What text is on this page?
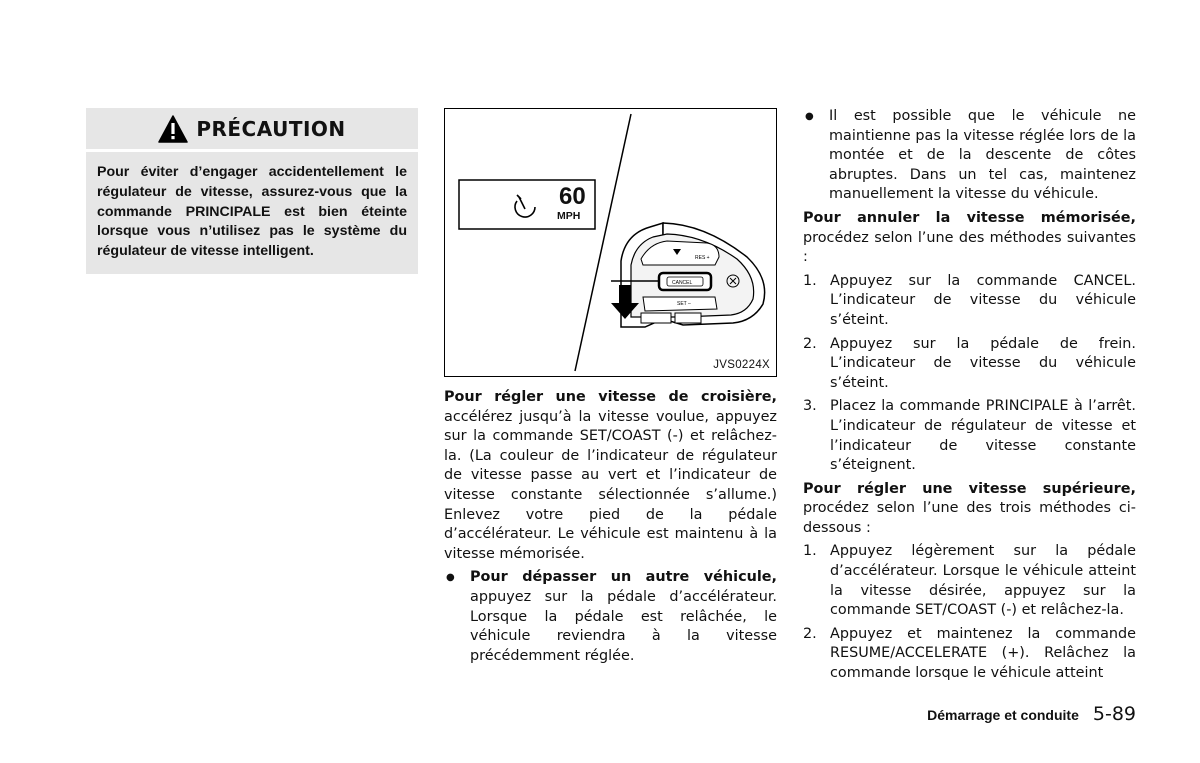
PRÉCAUTION
Pour éviter d’engager accidentellement le régulateur de vitesse, assurez-vous que la commande PRINCIPALE est bien éteinte lorsque vous n’utilisez pas le système du régulateur de vitesse intelligent.	RES +
CANCEL
SET –
60
MPH
JVS0224X

Pour régler une vitesse de croisière, accélérez jusqu’à la vitesse voulue, appuyez sur la commande SET/COAST (-) et relâchez-la. (La couleur de l’indicateur de régulateur de vitesse passe au vert et l’indicateur de vitesse constante sélectionnée s’allume.) Enlevez votre pied de la pédale d’accélérateur. Le véhicule est maintenu à la vitesse mémorisée.

● Pour dépasser un autre véhicule, appuyez sur la pédale d’accélérateur. Lorsque la pédale est relâchée, le véhicule reviendra à la vitesse précédemment réglée.
● Il est possible que le véhicule ne maintienne pas la vitesse réglée lors de la montée et de la descente de côtes abruptes. Dans un tel cas, maintenez manuellement la vitesse du véhicule.

Pour annuler la vitesse mémorisée, procédez selon l’une des méthodes suivantes :

1. Appuyez sur la commande CANCEL. L’indicateur de vitesse du véhicule s’éteint.
2. Appuyez sur la pédale de frein. L’indicateur de vitesse du véhicule s’éteint.
3. Placez la commande PRINCIPALE à l’arrêt. L’indicateur de régulateur de vitesse et l’indicateur de vitesse constante s’éteignent.

Pour régler une vitesse supérieure, procédez selon l’une des trois méthodes ci-dessous :

1. Appuyez légèrement sur la pédale d’accélérateur. Lorsque le véhicule atteint la vitesse désirée, appuyez sur la commande SET/COAST (-) et relâchez-la.
2. Appuyez et maintenez la commande RESUME/ACCELERATE (+). Relâchez la commande lorsque le véhicule atteint
Démarrage et conduite 5-89
